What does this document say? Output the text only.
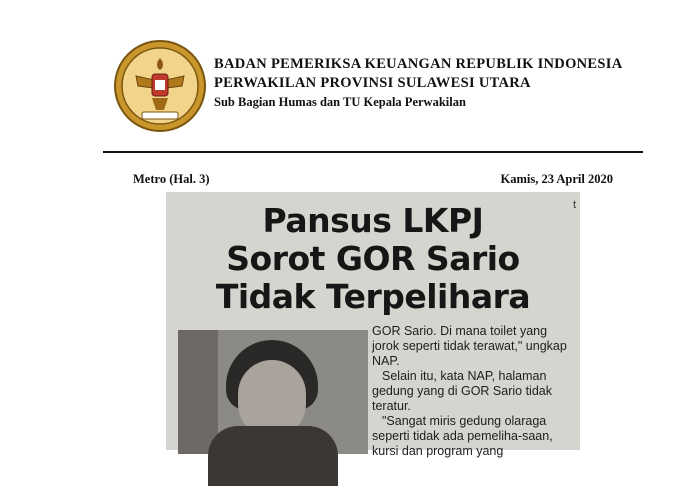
BADAN PEMERIKSA KEUANGAN REPUBLIK INDONESIA
PERWAKILAN PROVINSI SULAWESI UTARA
Sub Bagian Humas dan TU Kepala Perwakilan
Metro (Hal. 3)	Kamis, 23 April 2020
Pansus LKPJ
Sorot GOR Sario
Tidak Terpelihara
t

GOR Sario. Di mana toilet yang jorok seperti tidak terawat," ungkap NAP.

Selain itu, kata NAP, halaman gedung yang di GOR Sario tidak teratur.

"Sangat miris gedung olaraga seperti tidak ada pemeliha-saan, kursi dan program yang
